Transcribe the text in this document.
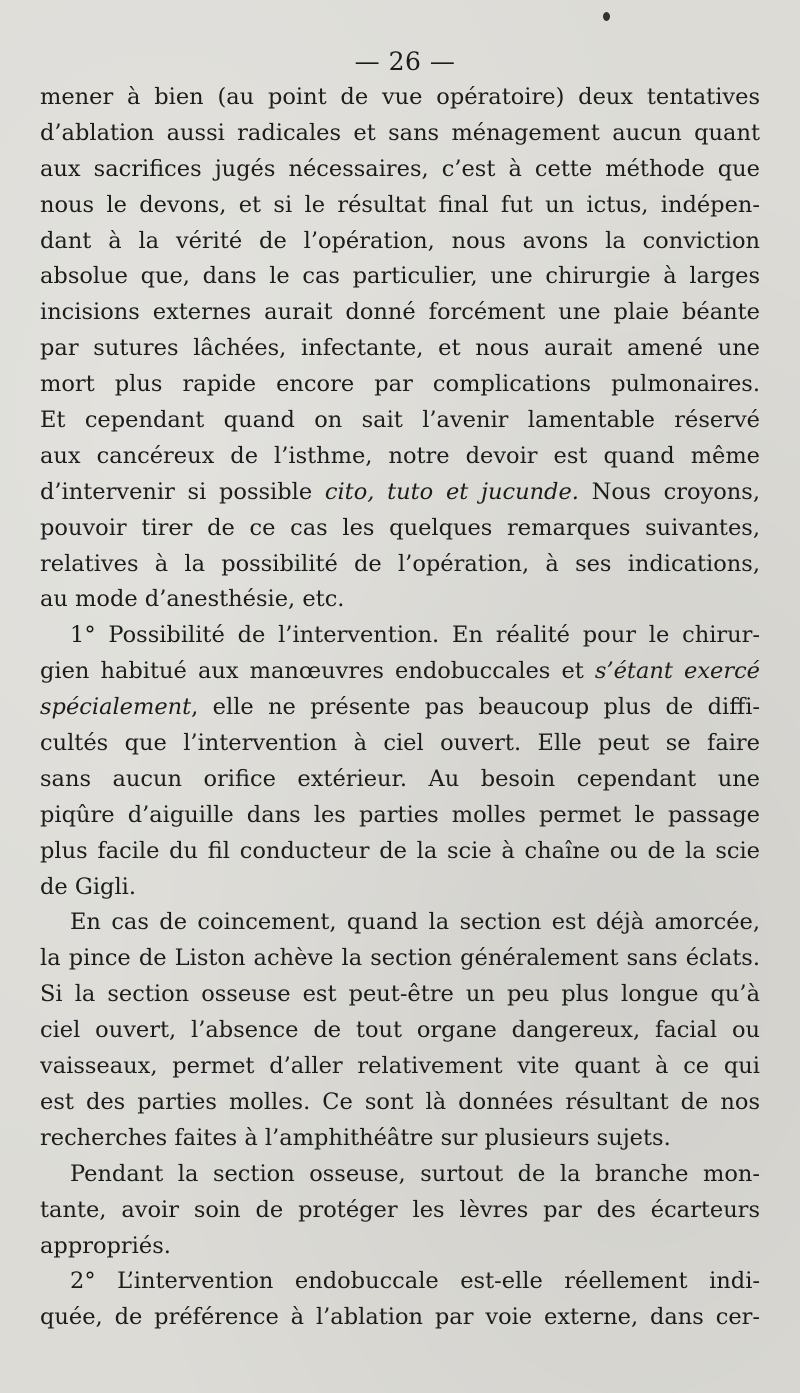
— 26 —
mener à bien (au point de vue opératoire) deux tentatives
d’ablation aussi radicales et sans ménagement aucun quant
aux sacrifices jugés nécessaires, c’est à cette méthode que
nous le devons, et si le résultat final fut un ictus, indépen-
dant à la vérité de l’opération, nous avons la conviction
absolue que, dans le cas particulier, une chirurgie à larges
incisions externes aurait donné forcément une plaie béante
par sutures lâchées, infectante, et nous aurait amené une
mort plus rapide encore par complications pulmonaires.
Et cependant quand on sait l’avenir lamentable réservé
aux cancéreux de l’isthme, notre devoir est quand même
d’intervenir si possible cito, tuto et jucunde. Nous croyons,
pouvoir tirer de ce cas les quelques remarques suivantes,
relatives à la possibilité de l’opération, à ses indications,
au mode d’anesthésie, etc.
1° Possibilité de l’intervention. En réalité pour le chirur-
gien habitué aux manœuvres endobuccales et s’étant exercé
spécialement, elle ne présente pas beaucoup plus de diffi-
cultés que l’intervention à ciel ouvert. Elle peut se faire
sans aucun orifice extérieur. Au besoin cependant une
piqûre d’aiguille dans les parties molles permet le passage
plus facile du fil conducteur de la scie à chaîne ou de la scie
de Gigli.
En cas de coincement, quand la section est déjà amorcée,
la pince de Liston achève la section généralement sans éclats.
Si la section osseuse est peut-être un peu plus longue qu’à
ciel ouvert, l’absence de tout organe dangereux, facial ou
vaisseaux, permet d’aller relativement vite quant à ce qui
est des parties molles. Ce sont là données résultant de nos
recherches faites à l’amphithéâtre sur plusieurs sujets.
Pendant la section osseuse, surtout de la branche mon-
tante, avoir soin de protéger les lèvres par des écarteurs
appropriés.
2° L’intervention endobuccale est-elle réellement indi-
quée, de préférence à l’ablation par voie externe, dans cer-
